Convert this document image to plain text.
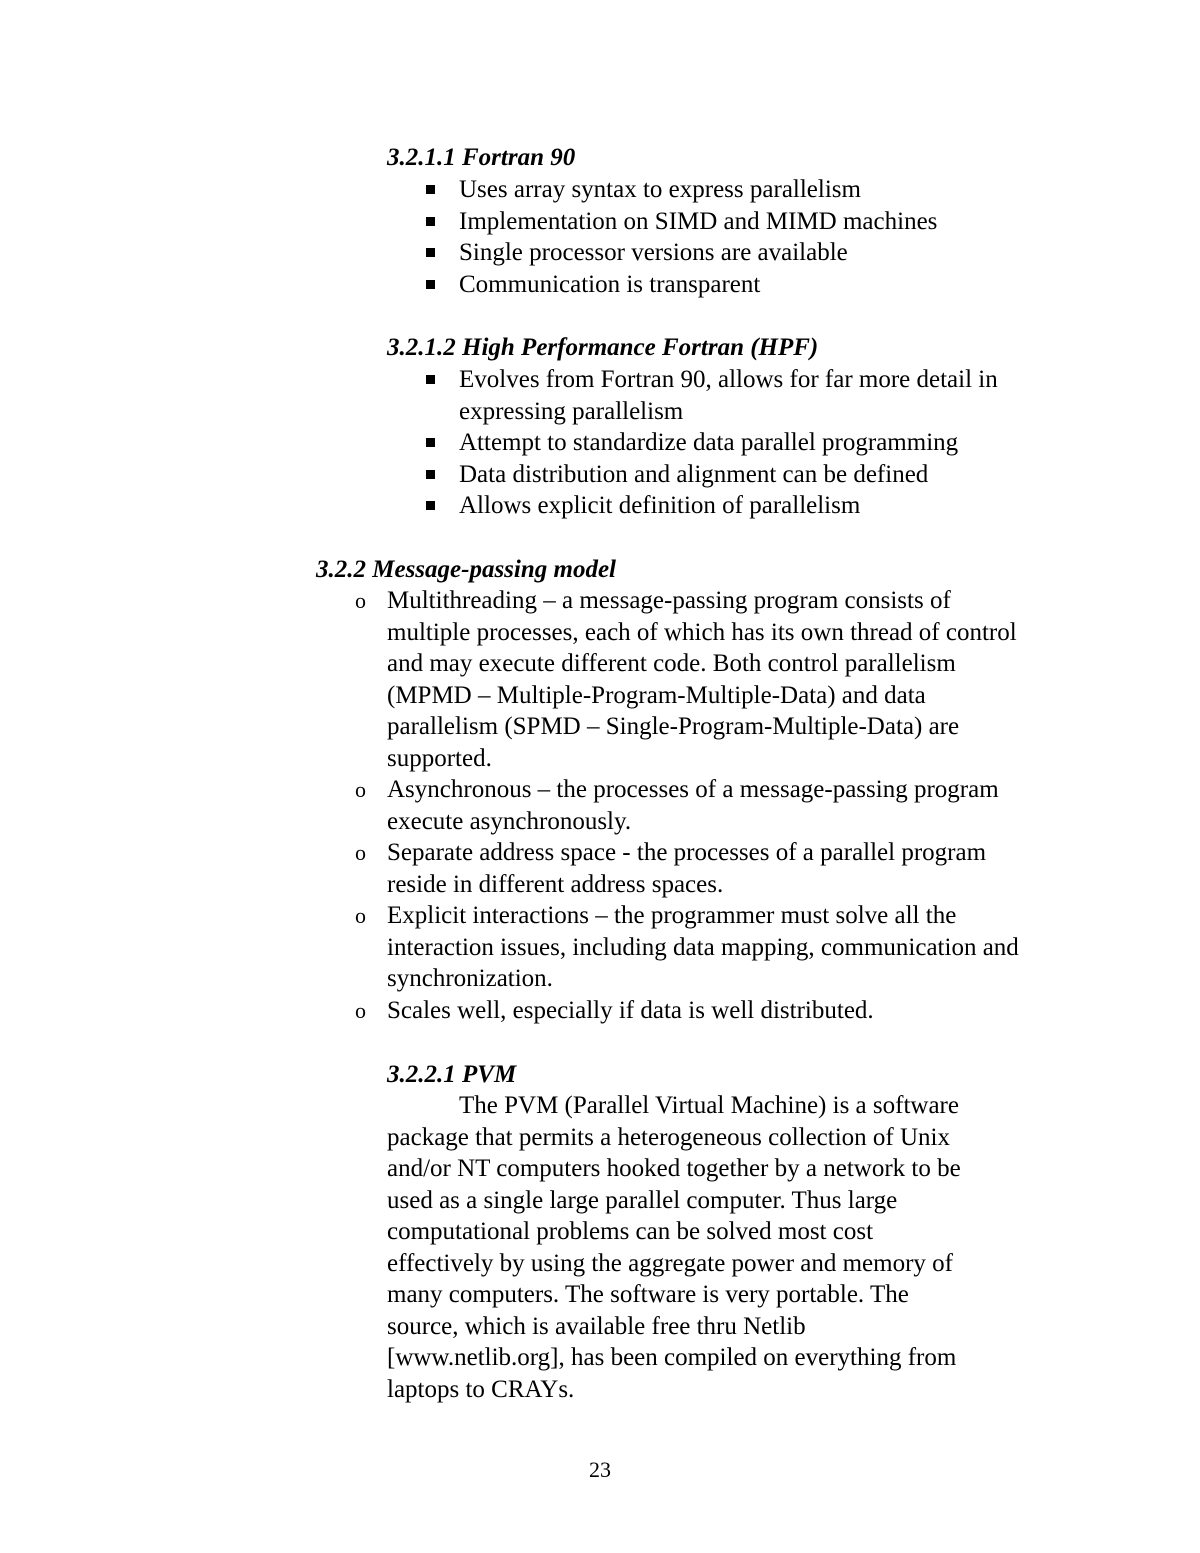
3.2.1.1 Fortran 90
Uses array syntax to express parallelism
Implementation on SIMD and MIMD machines
Single processor versions are available
Communication is transparent
3.2.1.2 High Performance Fortran (HPF)
Evolves from Fortran 90, allows for far more detail in expressing parallelism
Attempt to standardize data parallel programming
Data distribution and alignment can be defined
Allows explicit definition of parallelism
3.2.2 Message-passing model
o Multithreading – a message-passing program consists of multiple processes, each of which has its own thread of control and may execute different code. Both control parallelism (MPMD – Multiple-Program-Multiple-Data) and data parallelism (SPMD – Single-Program-Multiple-Data) are supported.
o Asynchronous – the processes of a message-passing program execute asynchronously.
o Separate address space - the processes of a parallel program reside in different address spaces.
o Explicit interactions – the programmer must solve all the interaction issues, including data mapping, communication and synchronization.
o Scales well, especially if data is well distributed.
3.2.2.1 PVM

The PVM (Parallel Virtual Machine) is a software
package that permits a heterogeneous collection of Unix
and/or NT computers hooked together by a network to be
used as a single large parallel computer. Thus large
computational problems can be solved most cost
effectively by using the aggregate power and memory of
many computers. The software is very portable. The
source, which is available free thru Netlib
[www.netlib.org], has been compiled on everything from
laptops to CRAYs.

23
